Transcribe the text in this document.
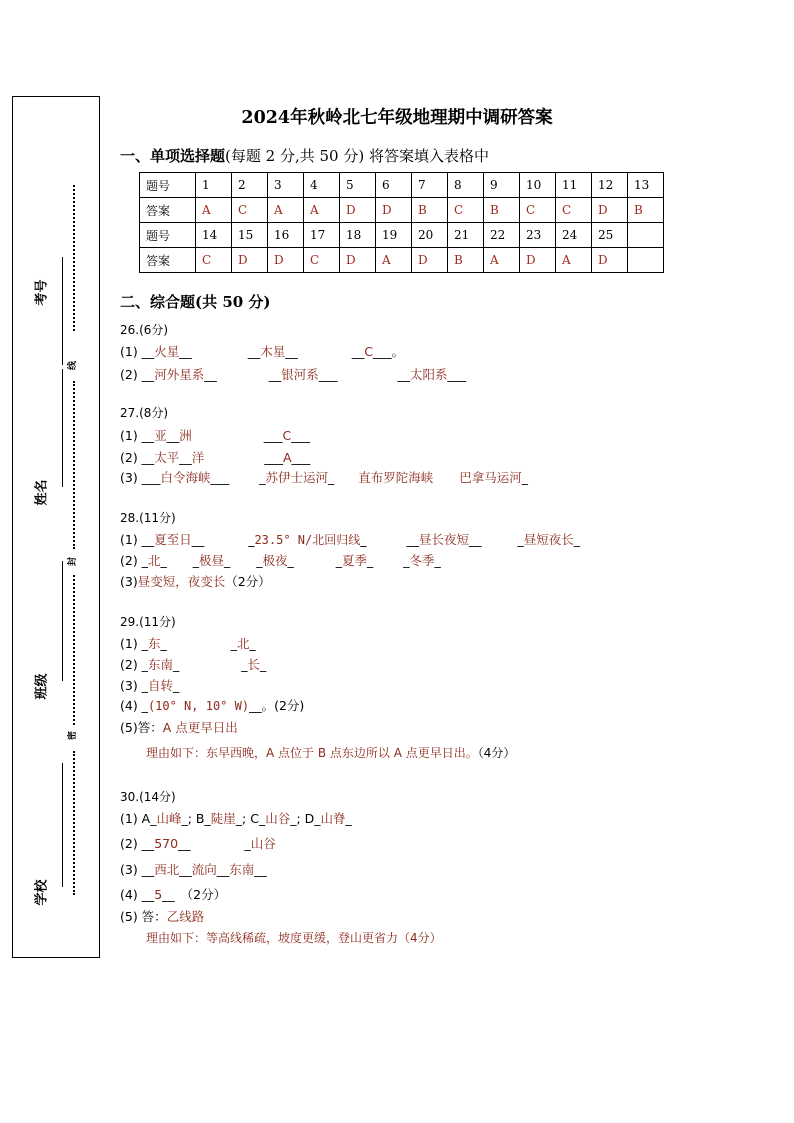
考号
姓名
班级
学校
线
封
密
2024年秋岭北七年级地理期中调研答案
一、单项选择题(每题 2 分,共 50 分) 将答案填入表格中
题号	1	2	3	4	5	6	7	8	9	10	11	12	13
答案	A	C	A	A	D	D	B	C	B	C	C	D	B
题号	14	15	16	17	18	19	20	21	22	23	24	25	
答案	C	D	D	C	D	A	D	B	A	D	A	D	
二、综合题(共 50 分)
26.(6分)
(1) __火星__	__木星__	__C___。
(2) __河外星系__	__银河系___	__太阳系___
27.(8分)
(1) __亚__洲	___C___
(2) __太平__洋	___A___
(3) ___白令海峡___ _苏伊士运河_ 直布罗陀海峡 巴拿马运河_
28.(11分)
(1) __夏至日__	_23.5° N/北回归线_	__昼长夜短__	_昼短夜长_
(2) _北_ _极昼_ _极夜_	_夏季_ _冬季_
(3)昼变短，夜变长（2分）
29.(11分)
(1) _东_	_北_
(2) _东南_	_长_
(3) _自转_
(4) _(10° N, 10° W)__。(2分)
(5)答：A 点更早日出
理由如下：东早西晚，A 点位于 B 点东边所以 A 点更早日出。（4分）
30.(14分)
(1) A_山峰_; B_陡崖_; C_山谷_; D_山脊_
(2) __570__	_山谷
(3) __西北__流向__东南__
(4) __5__ （2分）
(5) 答：乙线路
理由如下：等高线稀疏，坡度更缓，登山更省力（4分）
